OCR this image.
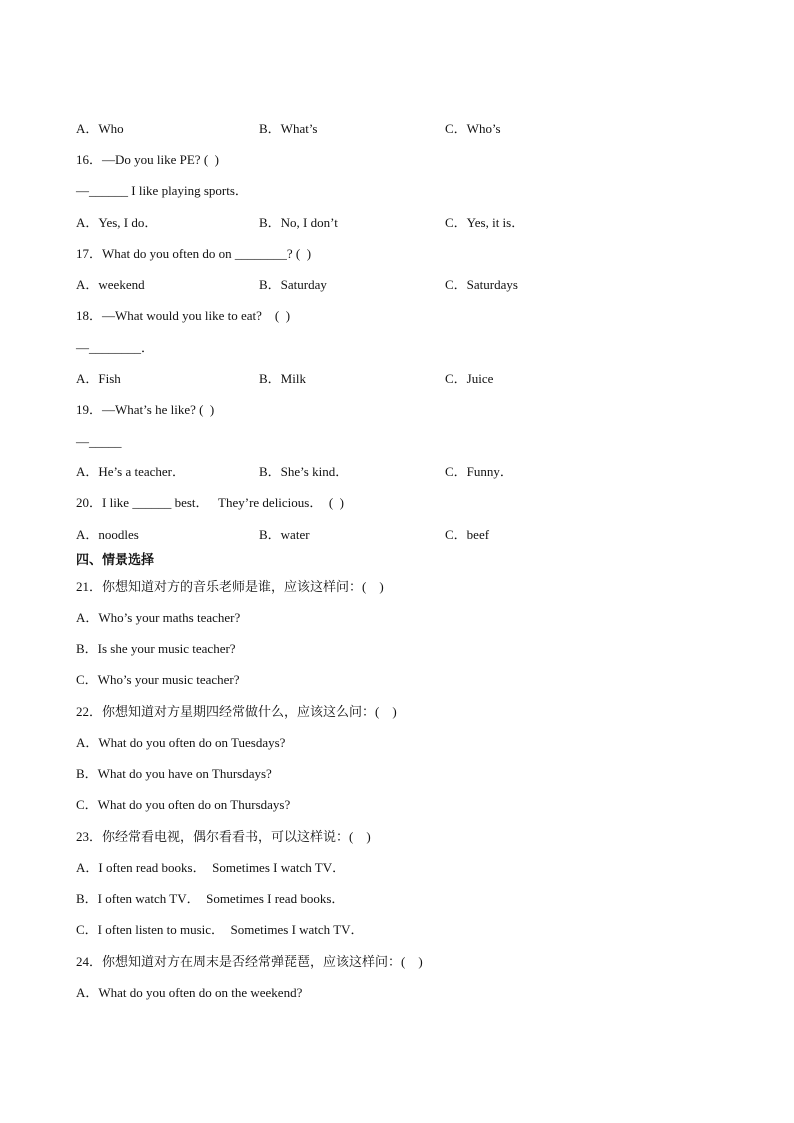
A．Who	B．What’s	C．Who’s
16．—Do you like PE? (  )
—______ I like playing sports．
A．Yes, I do．	B．No, I don’t	C．Yes, it is．
17．What do you often do on ________? (  )
A．weekend	B．Saturday	C．Saturdays
18．—What would you like to eat?    (  )
—________．
A．Fish	B．Milk	C．Juice
19．—What’s he like? (  )
—_____
A．He’s a teacher．	B．She’s kind．	C．Funny．
20．I like ______ best．   They’re delicious．  (  )
A．noodles	B．water	C．beef
四、情景选择
21．你想知道对方的音乐老师是谁，应该这样问：(    )
A．Who’s your maths teacher?
B．Is she your music teacher?
C．Who’s your music teacher?
22．你想知道对方星期四经常做什么，应该这么问：(    )
A．What do you often do on Tuesdays?
B．What do you have on Thursdays?
C．What do you often do on Thursdays?
23．你经常看电视，偶尔看看书，可以这样说：(    )
A．I often read books．  Sometimes I watch TV．
B．I often watch TV．  Sometimes I read books．
C．I often listen to music．  Sometimes I watch TV．
24．你想知道对方在周末是否经常弹琵琶，应该这样问：(    )
A．What do you often do on the weekend?
